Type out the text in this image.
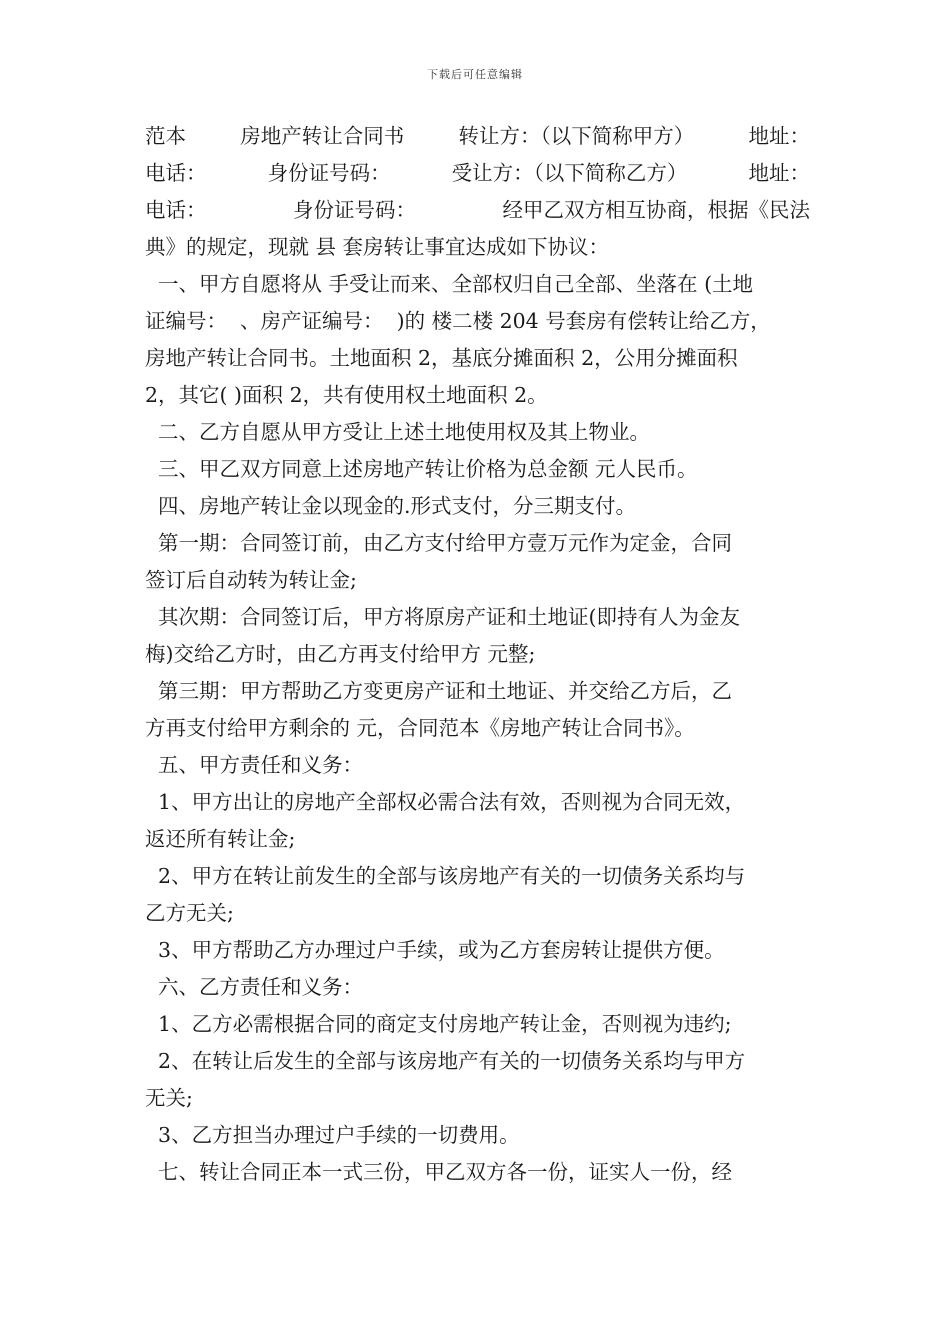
下载后可任意编辑
范本	房地产转让合同书	转让方：（以下简称甲方）	地址：
电话：	身份证号码：	受让方：（以下简称乙方）	地址：
电话：	身份证号码：	经甲乙双方相互协商，根据《民法
典》的规定，现就 县 套房转让事宜达成如下协议：
一、甲方自愿将从 手受让而来、全部权归自己全部、坐落在 (土地
证编号：  、房产证编号：  )的 楼二楼 204 号套房有偿转让给乙方，
房地产转让合同书。土地面积 2，基底分摊面积 2，公用分摊面积
2，其它( )面积 2，共有使用权土地面积 2。
二、乙方自愿从甲方受让上述土地使用权及其上物业。
三、甲乙双方同意上述房地产转让价格为总金额 元人民币。
四、房地产转让金以现金的.形式支付，分三期支付。
第一期：合同签订前，由乙方支付给甲方壹万元作为定金，合同
签订后自动转为转让金;
其次期：合同签订后，甲方将原房产证和土地证(即持有人为金友
梅)交给乙方时，由乙方再支付给甲方 元整;
第三期：甲方帮助乙方变更房产证和土地证、并交给乙方后，乙
方再支付给甲方剩余的 元，合同范本《房地产转让合同书》。
五、甲方责任和义务：
1、甲方出让的房地产全部权必需合法有效，否则视为合同无效，
返还所有转让金;
2、甲方在转让前发生的全部与该房地产有关的一切债务关系均与
乙方无关;
3、甲方帮助乙方办理过户手续，或为乙方套房转让提供方便。
六、乙方责任和义务：
1、乙方必需根据合同的商定支付房地产转让金，否则视为违约;
2、在转让后发生的全部与该房地产有关的一切债务关系均与甲方
无关;
3、乙方担当办理过户手续的一切费用。
七、转让合同正本一式三份，甲乙双方各一份，证实人一份，经
